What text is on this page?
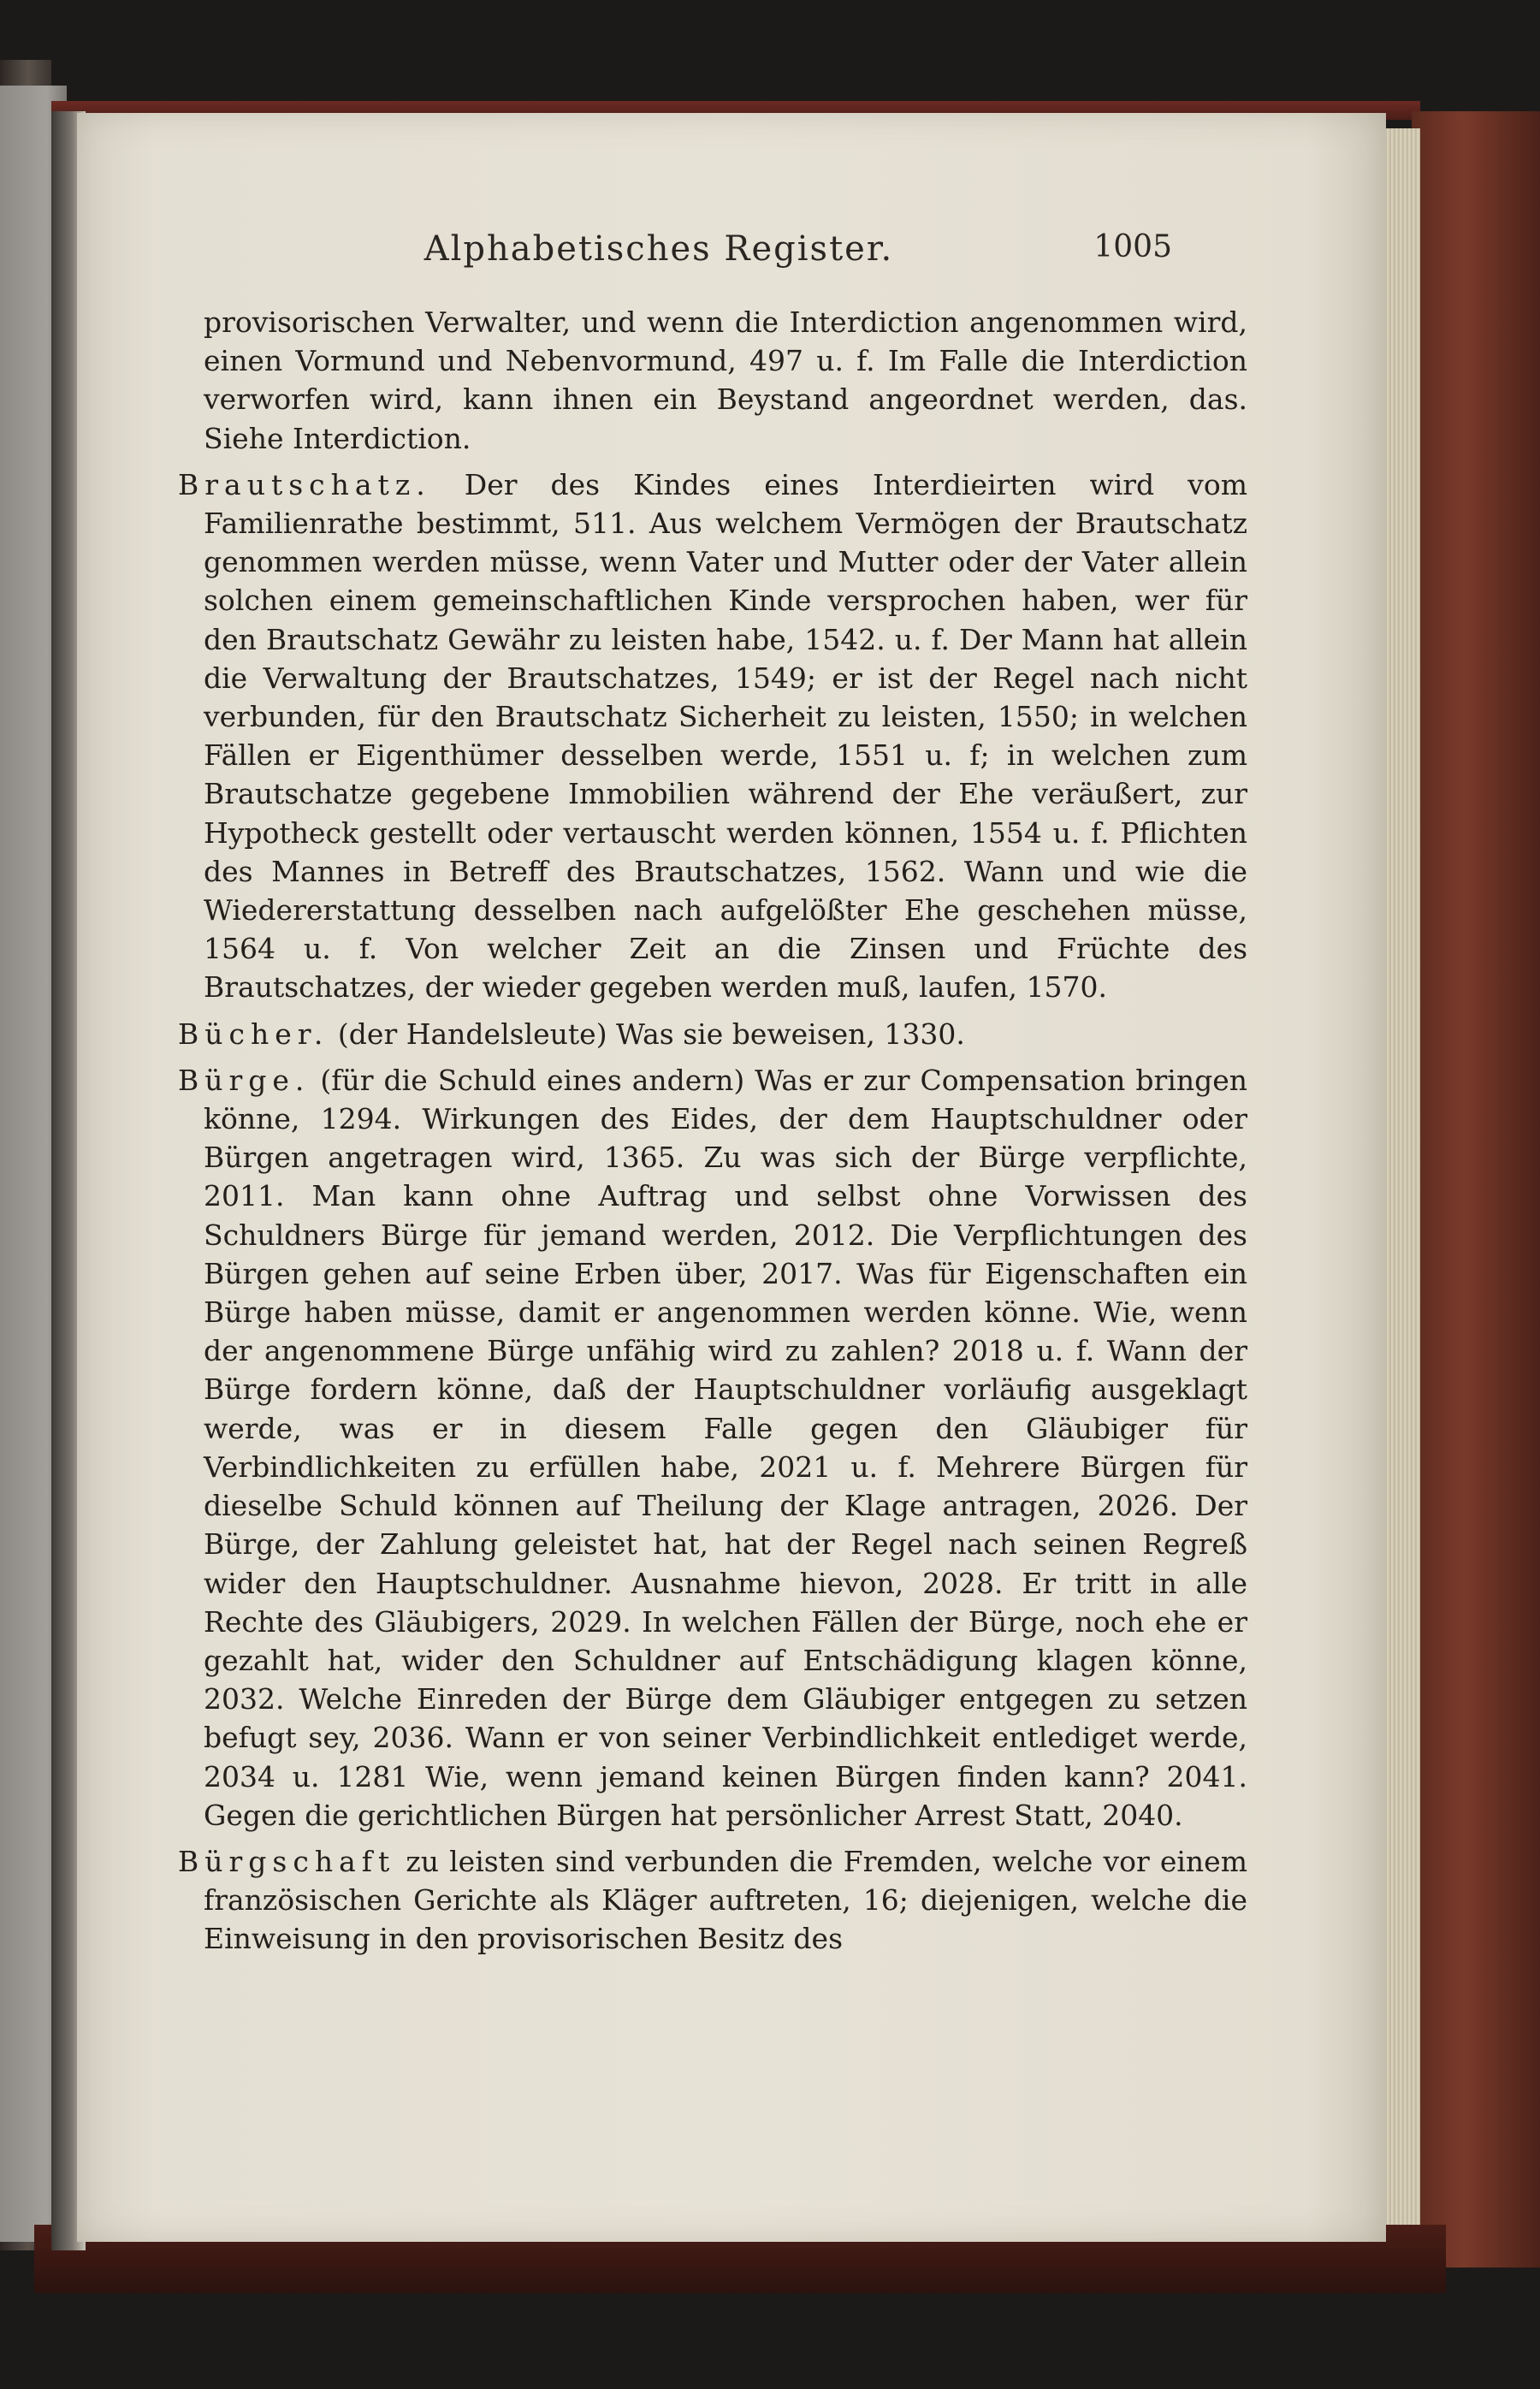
Alphabetisches Register.	1005

provisorischen Verwalter, und wenn die Interdiction angenommen wird, einen Vormund und Nebenvormund, 497 u. f. Im Falle die Interdiction verworfen wird, kann ihnen ein Beystand angeordnet werden, das. Siehe Interdiction.

Brautschatz. Der des Kindes eines Interdieirten wird vom Familienrathe bestimmt, 511. Aus welchem Vermögen der Brautschatz genommen werden müsse, wenn Vater und Mutter oder der Vater allein solchen einem gemeinschaftlichen Kinde versprochen haben, wer für den Brautschatz Gewähr zu leisten habe, 1542. u. f. Der Mann hat allein die Verwaltung der Brautschatzes, 1549; er ist der Regel nach nicht verbunden, für den Brautschatz Sicherheit zu leisten, 1550; in welchen Fällen er Eigenthümer desselben werde, 1551 u. f; in welchen zum Brautschatze gegebene Immobilien während der Ehe veräußert, zur Hypotheck gestellt oder vertauscht werden können, 1554 u. f. Pflichten des Mannes in Betreff des Brautschatzes, 1562. Wann und wie die Wiedererstattung desselben nach aufgelößter Ehe geschehen müsse, 1564 u. f. Von welcher Zeit an die Zinsen und Früchte des Brautschatzes, der wieder gegeben werden muß, laufen, 1570.

Bücher. (der Handelsleute) Was sie beweisen, 1330.

Bürge. (für die Schuld eines andern) Was er zur Compensation bringen könne, 1294. Wirkungen des Eides, der dem Hauptschuldner oder Bürgen angetragen wird, 1365. Zu was sich der Bürge verpflichte, 2011. Man kann ohne Auftrag und selbst ohne Vorwissen des Schuldners Bürge für jemand werden, 2012. Die Verpflichtungen des Bürgen gehen auf seine Erben über, 2017. Was für Eigenschaften ein Bürge haben müsse, damit er angenommen werden könne. Wie, wenn der angenommene Bürge unfähig wird zu zahlen? 2018 u. f. Wann der Bürge fordern könne, daß der Hauptschuldner vorläufig ausgeklagt werde, was er in diesem Falle gegen den Gläubiger für Verbindlichkeiten zu erfüllen habe, 2021 u. f. Mehrere Bürgen für dieselbe Schuld können auf Theilung der Klage antragen, 2026. Der Bürge, der Zahlung geleistet hat, hat der Regel nach seinen Regreß wider den Hauptschuldner. Ausnahme hievon, 2028. Er tritt in alle Rechte des Gläubigers, 2029. In welchen Fällen der Bürge, noch ehe er gezahlt hat, wider den Schuldner auf Entschädigung klagen könne, 2032. Welche Einreden der Bürge dem Gläubiger entgegen zu setzen befugt sey, 2036. Wann er von seiner Verbindlichkeit entlediget werde, 2034 u. 1281 Wie, wenn jemand keinen Bürgen finden kann? 2041. Gegen die gerichtlichen Bürgen hat persönlicher Arrest Statt, 2040.

Bürgschaft zu leisten sind verbunden die Fremden, welche vor einem französischen Gerichte als Kläger auftreten, 16; diejenigen, welche die Einweisung in den provisorischen Besitz des
